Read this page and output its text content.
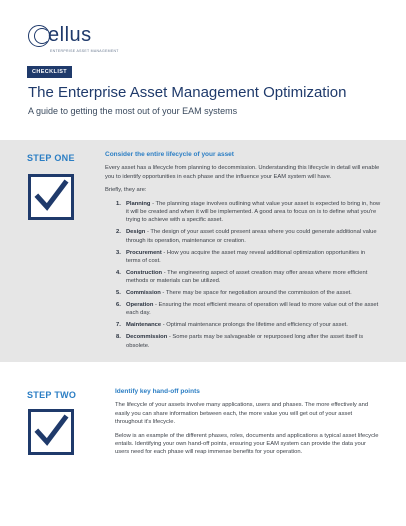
ellus
ENTERPRISE ASSET MANAGEMENT
CHECKLIST
The Enterprise Asset Management Optimization
A guide to getting the most out of your EAM systems
STEP ONE	Consider the entire lifecycle of your asset

Every asset has a lifecycle from planning to decommission. Understanding this lifecycle in detail will enable you to identify opportunities in each phase and the influence your EAM system will have.

Briefly, they are:

1. Planning - The planning stage involves outlining what value your asset is expected to bring in, how it will be created and when it will be implemented. A good area to focus on is to define what you're trying to achieve with a specific asset.
2. Design - The design of your asset could present areas where you could generate additional value through its operation, maintenance or creation.
3. Procurement - How you acquire the asset may reveal additional optimization opportunities in terms of cost.
4. Construction - The engineering aspect of asset creation may offer areas where more efficient methods or materials can be utilized.
5. Commission - There may be space for negotiation around the commission of the asset.
6. Operation - Ensuring the most efficient means of operation will lead to more value out of the asset each day.
7. Maintenance - Optimal maintenance prolongs the lifetime and efficiency of your asset.
8. Decommission - Some parts may be salvageable or repurposed long after the asset itself is obsolete.
STEP TWO	Identify key hand-off points

The lifecycle of your assets involve many applications, users and phases. The more effectively and easily you can share information between each, the more value you will get out of your asset throughout it's lifecycle.

Below is an example of the different phases, roles, documents and applications a typical asset lifecycle entails. Identifying your own hand-off points, ensuring your EAM system can provide the data your users need for each phase will reap immense benefits for your operation.
